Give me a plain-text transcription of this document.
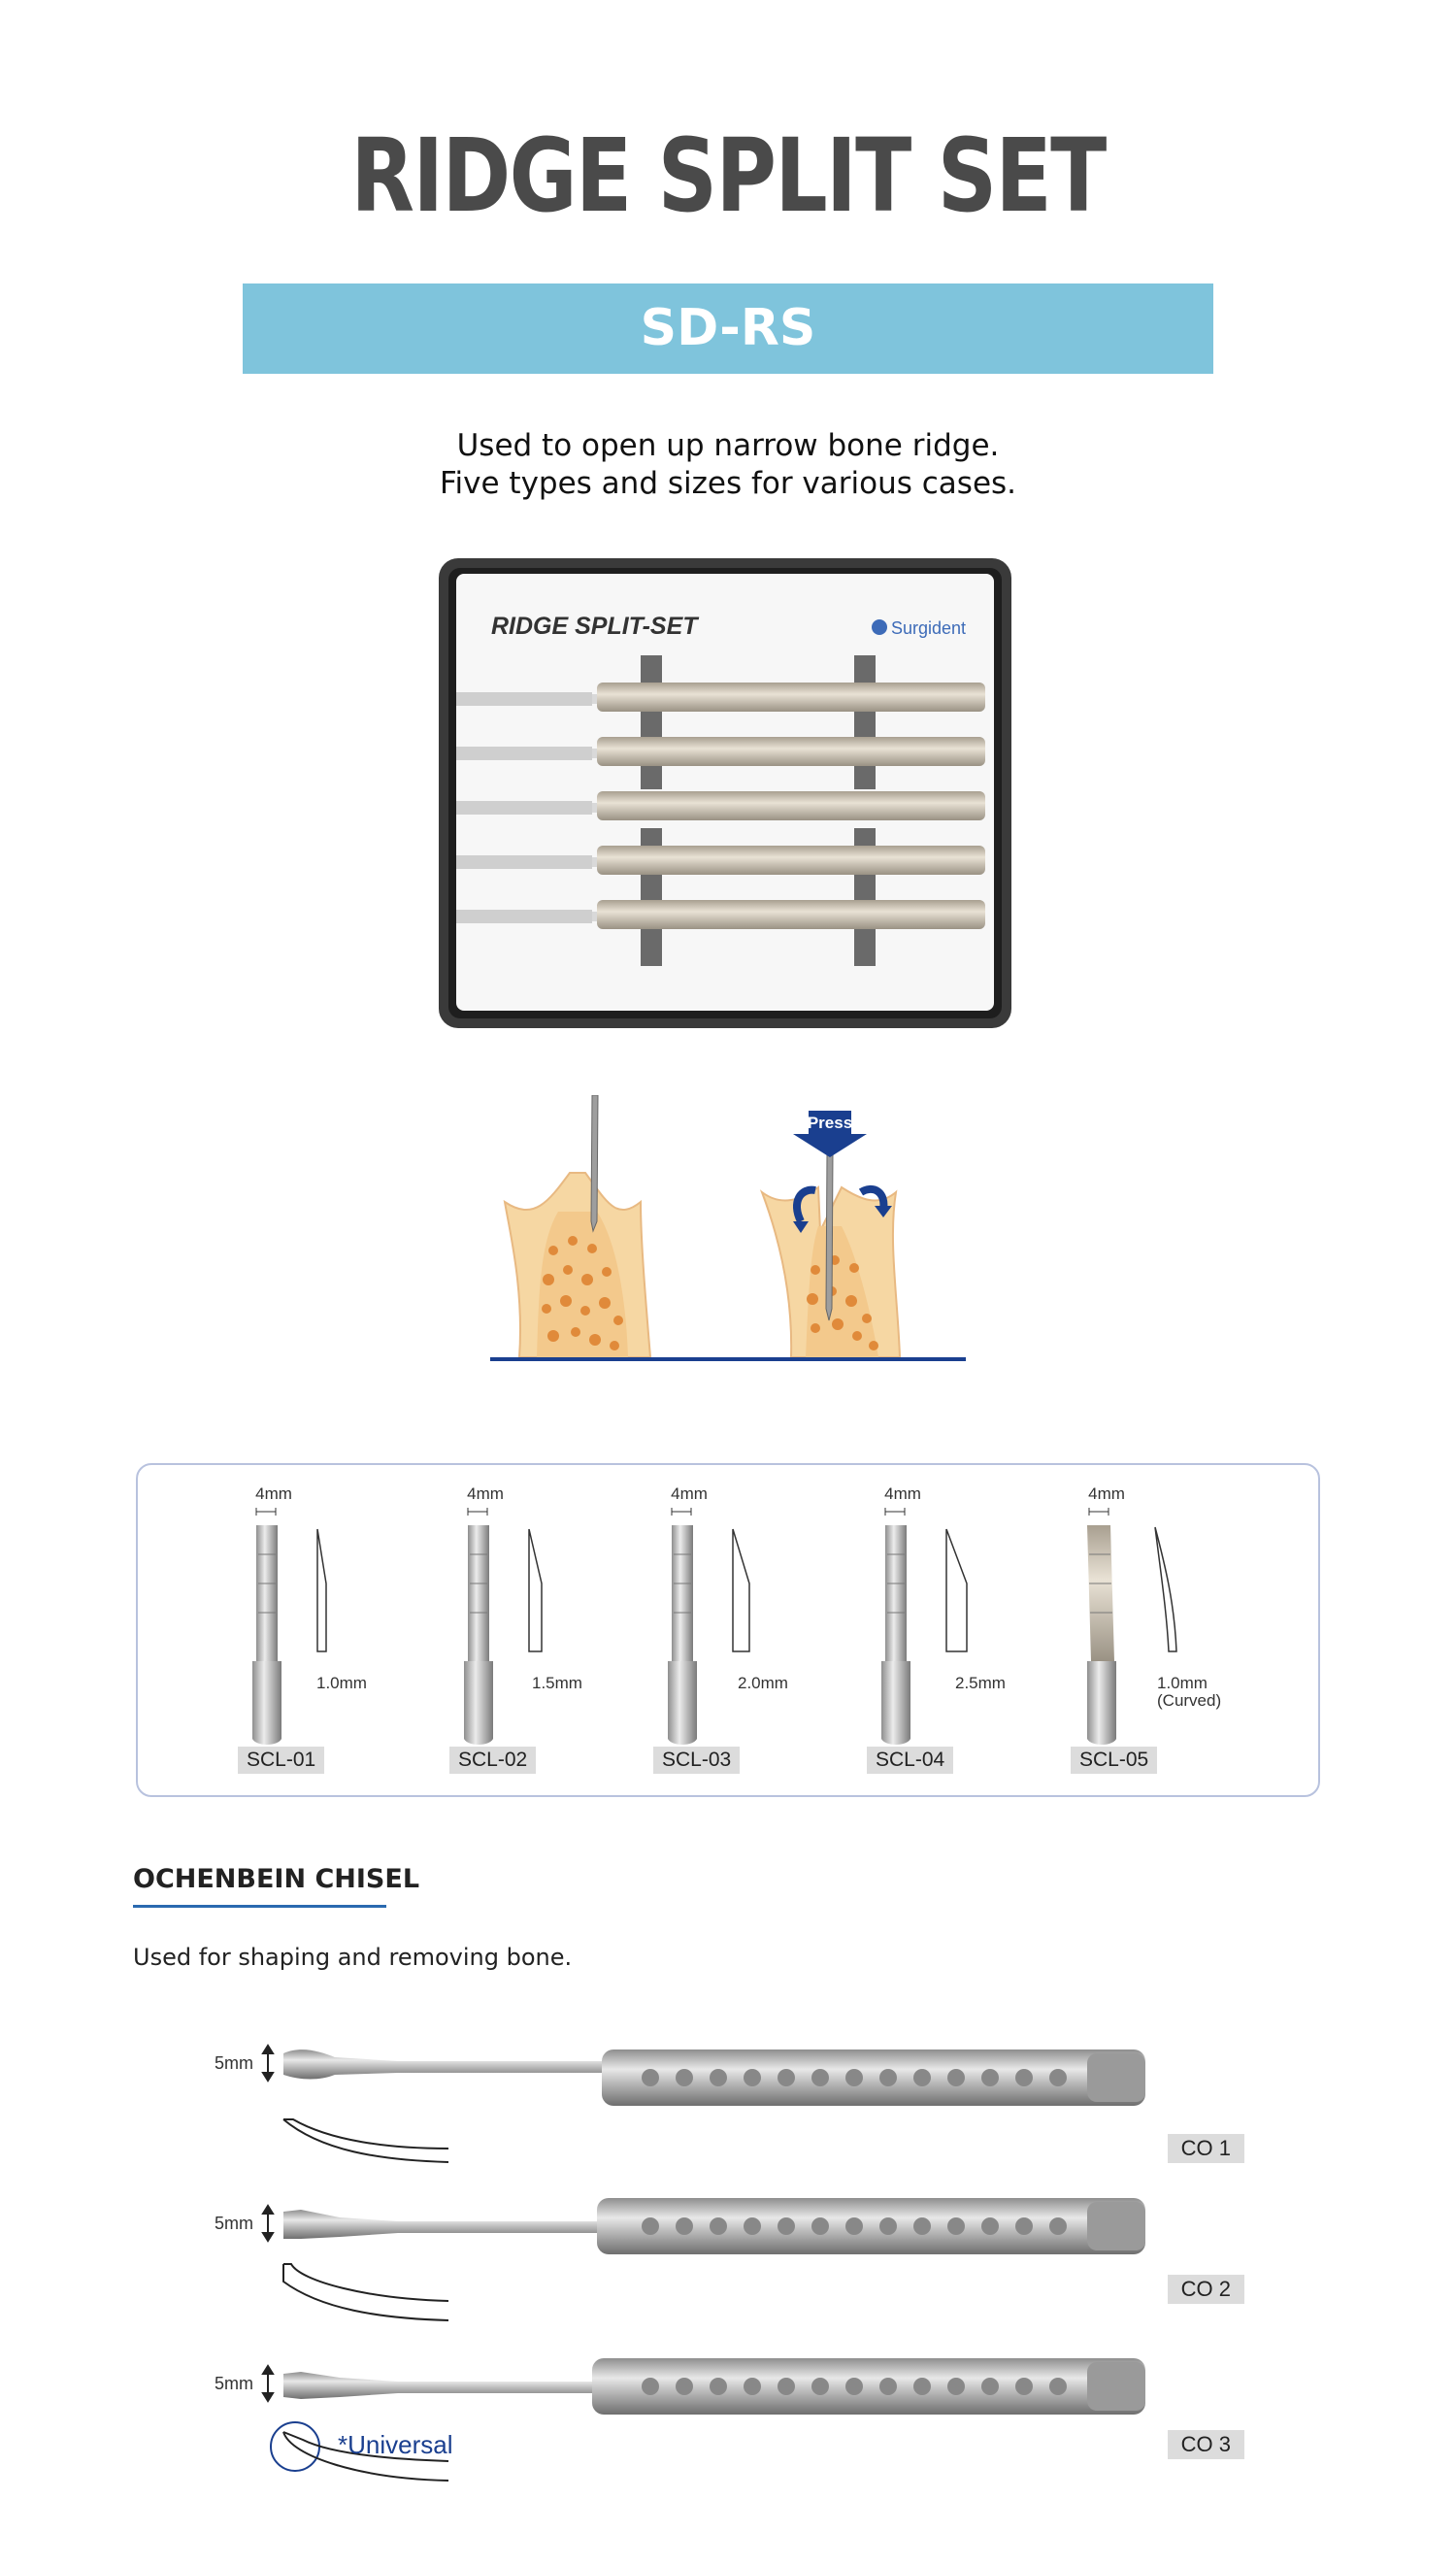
RIDGE SPLIT SET
SD-RS
Used to open up narrow bone ridge.
Five types and sizes for various cases.
RIDGE SPLIT-SET	Surgident
Press
4mm
1.0mm
SCL-01
4mm
1.5mm
SCL-02
4mm
2.0mm
SCL-03
4mm
2.5mm
SCL-04
4mm
1.0mm
(Curved)
SCL-05
OCHENBEIN CHISEL
Used for shaping and removing bone.
5mm
CO 1
5mm
CO 2
5mm
*Universal	CO 3
